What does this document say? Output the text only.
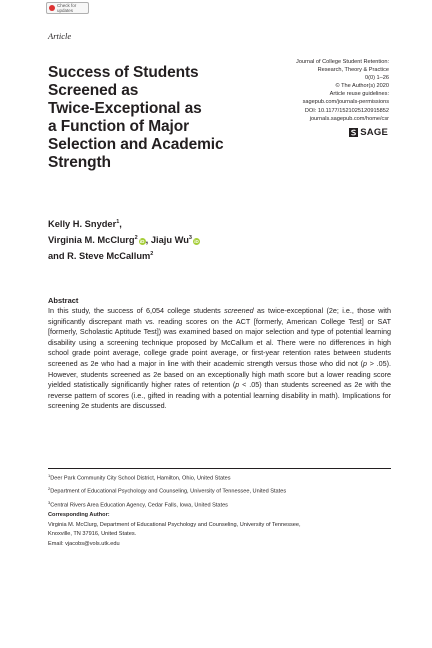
Check for updates
Article
Success of Students
Screened as
Twice-Exceptional as
a Function of Major
Selection and Academic
Strength
Journal of College Student Retention:
Research, Theory & Practice
0(0) 1–26
© The Author(s) 2020
Article reuse guidelines:
sagepub.com/journals-permissions
DOI: 10.1177/1521025120915852
journals.sagepub.com/home/csr
SAGE
Kelly H. Snyder$^1$,
Virginia M. McClurg$^2$iD, Jiaju Wu$^3$iD
and R. Steve McCallum$^2$
Abstract

In this study, the success of 6,054 college students screened as twice-exceptional (2e; i.e., those with significantly discrepant math vs. reading scores on the ACT [formerly, American College Test] or SAT [formerly, Scholastic Aptitude Test]) was examined based on major selection and type of potential learning disability using a screening technique proposed by McCallum et al. There were no differences in high school grade point average, college grade point average, or first-year retention rates between students screened as 2e who had a major in line with their academic strength versus those who did not (p > .05). However, students screened as 2e based on an exceptionally high math score but a lower reading score yielded statistically significantly higher rates of retention (p < .05) than students screened as 2e with the reverse pattern of scores (i.e., gifted in reading with a potential learning disability in math). Implications for screening 2e students are discussed.

$^1$Deer Park Community City School District, Hamilton, Ohio, United States
$^2$Department of Educational Psychology and Counseling, University of Tennessee, United States
$^3$Central Rivers Area Education Agency, Cedar Falls, Iowa, United States
Corresponding Author:
Virginia M. McClurg, Department of Educational Psychology and Counseling, University of Tennessee,
Knoxville, TN 37916, United States.
Email: vjacobs@vols.utk.edu
